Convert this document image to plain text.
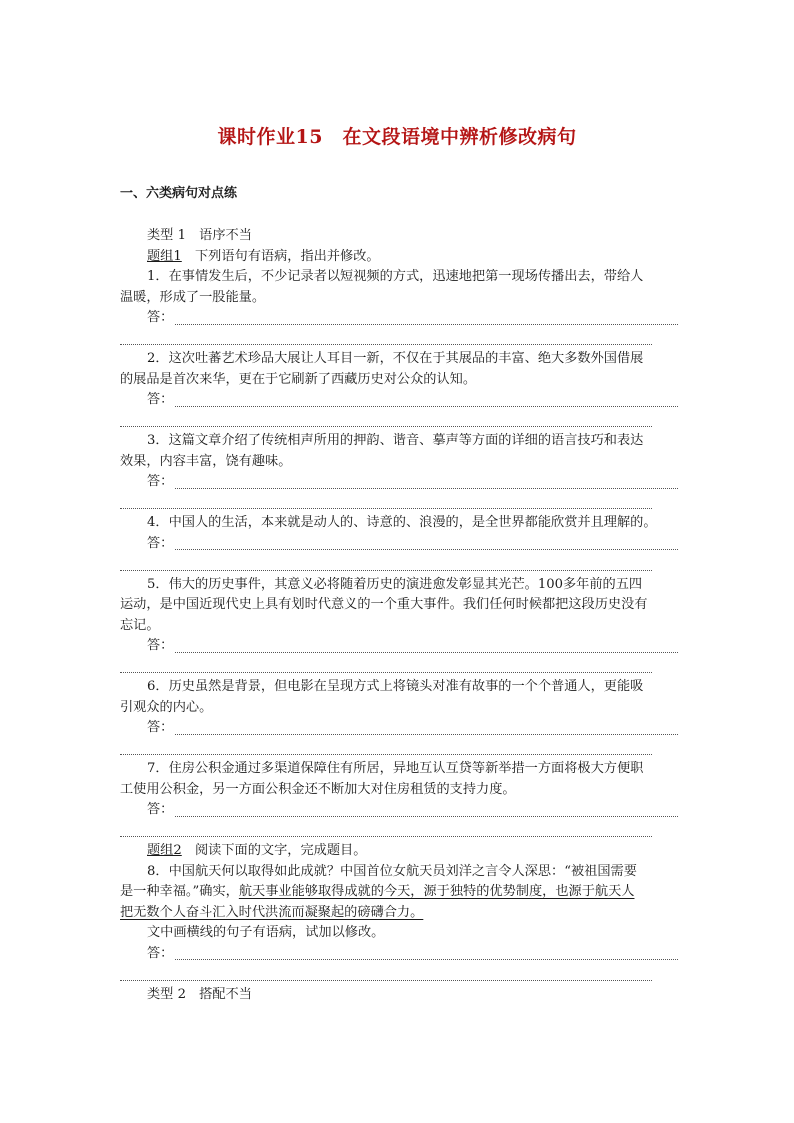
课时作业15　在文段语境中辨析修改病句
一、六类病句对点练
类型 1　语序不当
题组1　 下列语句有语病，指出并修改。
1．在事情发生后，不少记录者以短视频的方式，迅速地把第一现场传播出去，带给人
温暖，形成了一股能量。
答：
2．这次吐蕃艺术珍品大展让人耳目一新，不仅在于其展品的丰富、绝大多数外国借展
的展品是首次来华，更在于它刷新了西藏历史对公众的认知。
答：
3．这篇文章介绍了传统相声所用的押韵、谐音、摹声等方面的详细的语言技巧和表达
效果，内容丰富，饶有趣味。
答：
4．中国人的生活，本来就是动人的、诗意的、浪漫的，是全世界都能欣赏并且理解的。
答：
5．伟大的历史事件，其意义必将随着历史的演进愈发彰显其光芒。100多年前的五四
运动，是中国近现代史上具有划时代意义的一个重大事件。我们任何时候都把这段历史没有
忘记。
答：
6．历史虽然是背景，但电影在呈现方式上将镜头对准有故事的一个个普通人，更能吸
引观众的内心。
答：
7．住房公积金通过多渠道保障住有所居，异地互认互贷等新举措一方面将极大方便职
工使用公积金，另一方面公积金还不断加大对住房租赁的支持力度。
答：
题组2　 阅读下面的文字，完成题目。
8．中国航天何以取得如此成就？中国首位女航天员刘洋之言令人深思：“被祖国需要
是一种幸福。”确实，航天事业能够取得成就的今天，源于独特的优势制度，也源于航天人
把无数个人奋斗汇入时代洪流而凝聚起的磅礴合力。
文中画横线的句子有语病，试加以修改。
答：
类型 2　搭配不当
